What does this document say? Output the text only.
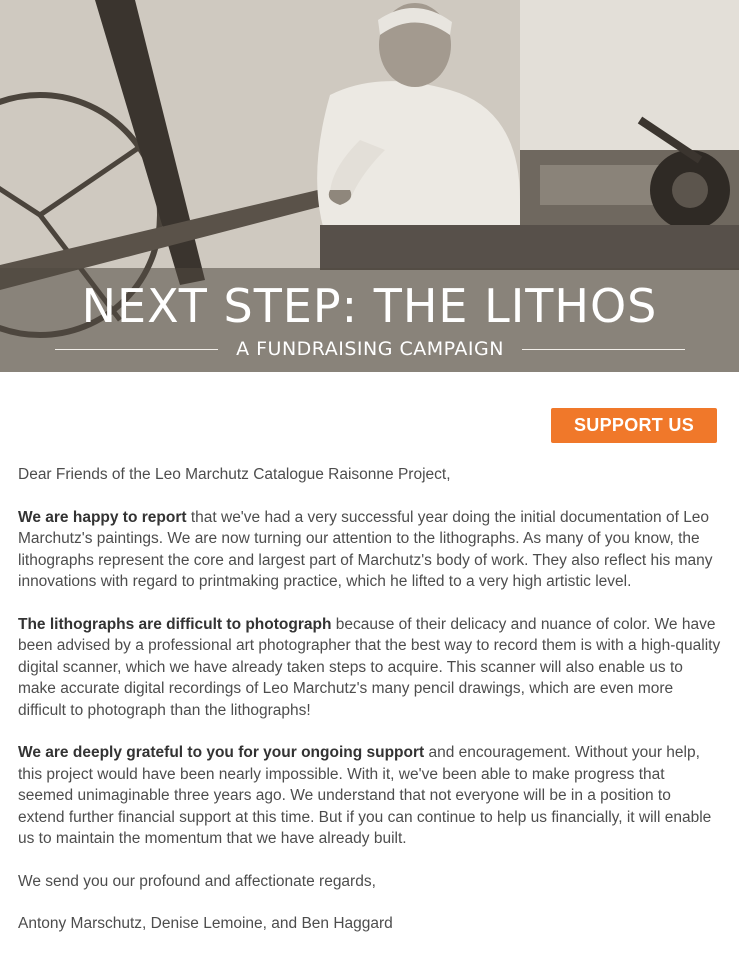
NEXT STEP: THE LITHOS
A FUNDRAISING CAMPAIGN
SUPPORT US

Dear Friends of the Leo Marchutz Catalogue Raisonne Project,

We are happy to report that we've had a very successful year doing the initial documentation of Leo Marchutz's paintings. We are now turning our attention to the lithographs. As many of you know, the lithographs represent the core and largest part of Marchutz's body of work. They also reflect his many innovations with regard to printmaking practice, which he lifted to a very high artistic level.

The lithographs are difficult to photograph because of their delicacy and nuance of color. We have been advised by a professional art photographer that the best way to record them is with a high-quality digital scanner, which we have already taken steps to acquire. This scanner will also enable us to make accurate digital recordings of Leo Marchutz's many pencil drawings, which are even more difficult to photograph than the lithographs!

We are deeply grateful to you for your ongoing support and encouragement. Without your help, this project would have been nearly impossible. With it, we've been able to make progress that seemed unimaginable three years ago. We understand that not everyone will be in a position to extend further financial support at this time. But if you can continue to help us financially, it will enable us to maintain the momentum that we have already built.

We send you our profound and affectionate regards,

Antony Marschutz, Denise Lemoine, and Ben Haggard
